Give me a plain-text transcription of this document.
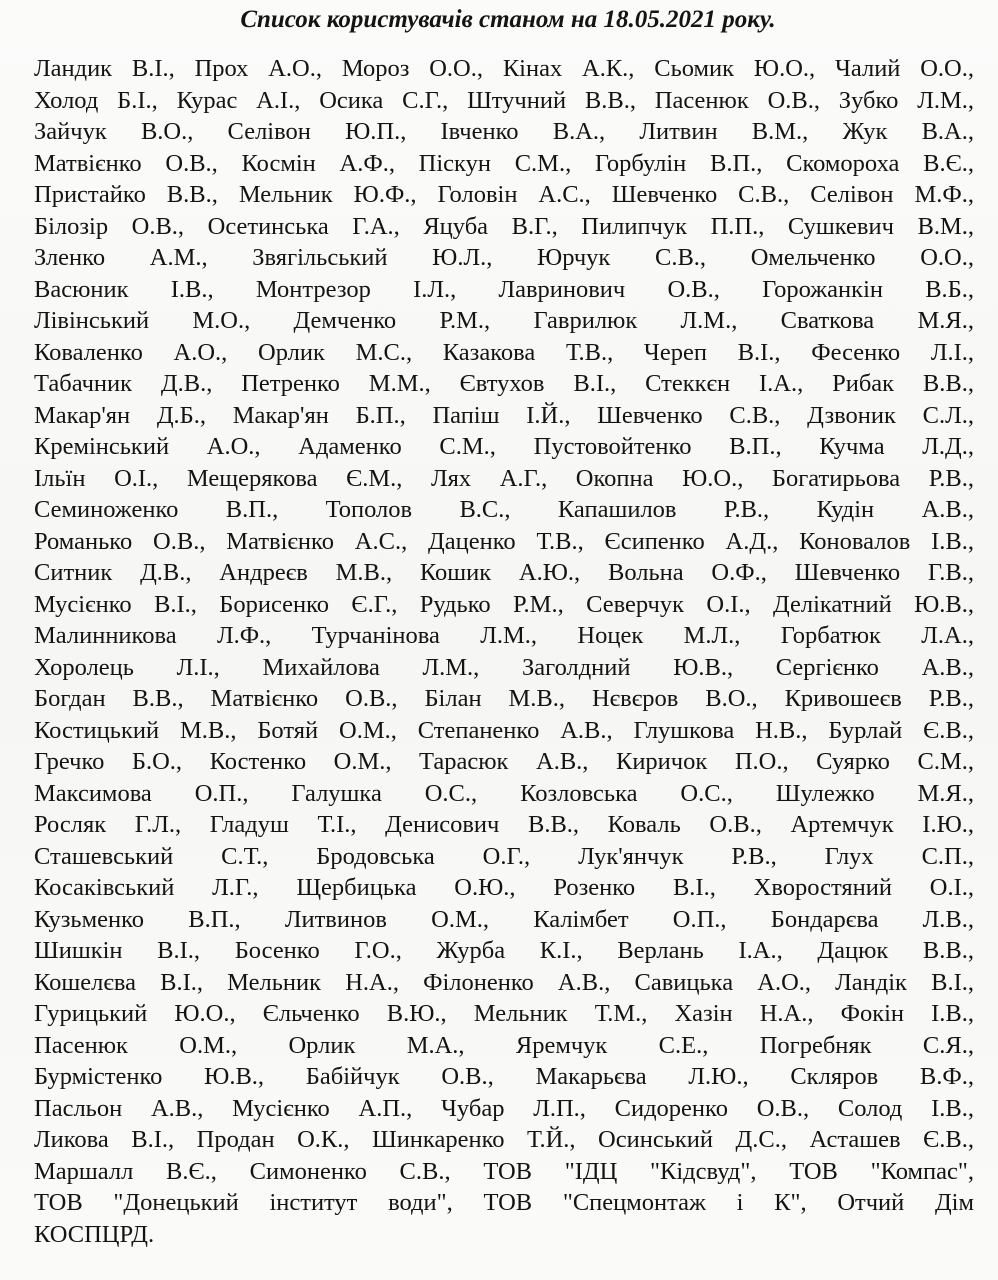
Список користувачів станом на 18.05.2021 року.
Ландик В.І., Прох А.О., Мороз О.О., Кінах А.К., Сьомик Ю.О., Чалий О.О.,
Холод Б.І., Курас А.І., Осика С.Г., Штучний В.В., Пасенюк О.В., Зубко Л.М.,
Зайчук В.О., Селівон Ю.П., Івченко В.А., Литвин В.М., Жук В.А.,
Матвієнко О.В., Космін А.Ф., Піскун С.М., Горбулін В.П., Скомороха В.Є.,
Пристайко В.В., Мельник Ю.Ф., Головін А.С., Шевченко С.В., Селівон М.Ф.,
Білозір О.В., Осетинська Г.А., Яцуба В.Г., Пилипчук П.П., Сушкевич В.М.,
Зленко А.М., Звягільський Ю.Л., Юрчук С.В., Омельченко О.О.,
Васюник І.В., Монтрезор І.Л., Лавринович О.В., Горожанкін В.Б.,
Лівінський М.О., Демченко Р.М., Гаврилюк Л.М., Сваткова М.Я.,
Коваленко А.О., Орлик М.С., Казакова Т.В., Череп В.І., Фесенко Л.І.,
Табачник Д.В., Петренко М.М., Євтухов В.І., Стеккєн І.А., Рибак В.В.,
Макар'ян Д.Б., Макар'ян Б.П., Папіш І.Й., Шевченко С.В., Дзвоник С.Л.,
Кремінський А.О., Адаменко С.М., Пустовойтенко В.П., Кучма Л.Д.,
Ільїн О.І., Мещерякова Є.М., Лях А.Г., Окопна Ю.О., Богатирьова Р.В.,
Семиноженко В.П., Тополов В.С., Капашилов Р.В., Кудін А.В.,
Романько О.В., Матвієнко А.С., Даценко Т.В., Єсипенко А.Д., Коновалов І.В.,
Ситник Д.В., Андреєв М.В., Кошик А.Ю., Вольна О.Ф., Шевченко Г.В.,
Мусієнко В.І., Борисенко Є.Г., Рудько Р.М., Северчук О.І., Делікатний Ю.В.,
Малинникова Л.Ф., Турчанінова Л.М., Ноцек М.Л., Горбатюк Л.А.,
Хоролець Л.І., Михайлова Л.М., Заголдний Ю.В., Сергієнко А.В.,
Богдан В.В., Матвієнко О.В., Білан М.В., Нєвєров В.О., Кривошеєв Р.В.,
Костицький М.В., Ботяй О.М., Степаненко А.В., Глушкова Н.В., Бурлай Є.В.,
Гречко Б.О., Костенко О.М., Тарасюк А.В., Киричок П.О., Суярко С.М.,
Максимова О.П., Галушка О.С., Козловська О.С., Шулежко М.Я.,
Росляк Г.Л., Гладуш Т.І., Денисович В.В., Коваль О.В., Артемчук І.Ю.,
Сташевський С.Т., Бродовська О.Г., Лук'янчук Р.В., Глух С.П.,
Косаківський Л.Г., Щербицька О.Ю., Розенко В.І., Хворостяний О.І.,
Кузьменко В.П., Литвинов О.М., Калімбет О.П., Бондарєва Л.В.,
Шишкін В.І., Босенко Г.О., Журба К.І., Верлань І.А., Дацюк В.В.,
Кошелєва В.І., Мельник Н.А., Філоненко А.В., Савицька А.О., Ландік В.І.,
Гурицький Ю.О., Єльченко В.Ю., Мельник Т.М., Хазін Н.А., Фокін І.В.,
Пасенюк О.М., Орлик М.А., Яремчук С.Е., Погребняк С.Я.,
Бурмістенко Ю.В., Бабійчук О.В., Макарьєва Л.Ю., Скляров В.Ф.,
Пасльон А.В., Мусієнко А.П., Чубар Л.П., Сидоренко О.В., Солод І.В.,
Ликова В.І., Продан О.К., Шинкаренко Т.Й., Осинський Д.С., Асташев Є.В.,
Маршалл В.Є., Симоненко С.В., ТОВ "ІДЦ "Кідсвуд", ТОВ "Компас",
ТОВ "Донецький інститут води", ТОВ "Спецмонтаж і К", Отчий Дім
КОСПЦРД.
